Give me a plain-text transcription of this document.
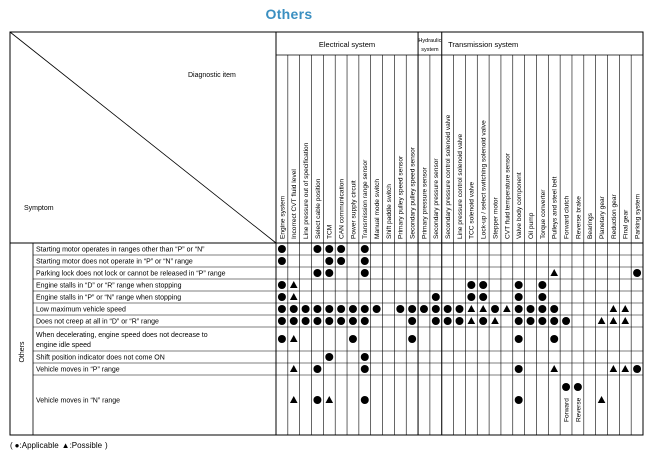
Others
Diagnostic item
Symptom
Electrical system	Hydraulic
system
Transmission system
Engine system Incorrect CVT fluid level Line pressure out of specification Select cable position TCM CAN communication Power supply circuit Transmission range sensor Manual mode switch Shift paddle switch Primary pulley speed sensor Secondary pulley speed sensor Primary pressure sensor Secondary pressure sensor Secondary pressure control solenoid valve Line pressure control solenoid valve TCC solenoid valve Lock-up / select switching solenoid valve Stepper motor CVT fluid temperature sensor Valve body component Oil pump Torque converter Pulleys and steel belt Forward clutch Reverse brake Bearings Planetary gear Reduction gear Final gear Parking system
Starting motor operates in ranges other than “P” or “N”
Starting motor does not operate in “P” or “N” range
Parking lock does not lock or cannot be released in “P” range
Engine stalls in “D” or “R” range when stopping
Engine stalls in “P” or “N” range when stopping
Low maximum vehicle speed
Does not creep at all in “D” or “R” range
When decelerating, engine speed does not decrease to
engine idle speed
Shift position indicator does not come ON
Vehicle moves in “P” range
Vehicle moves in “N” range	Forward Reverse
Others
( ●:Applicable ▲:Possible )
